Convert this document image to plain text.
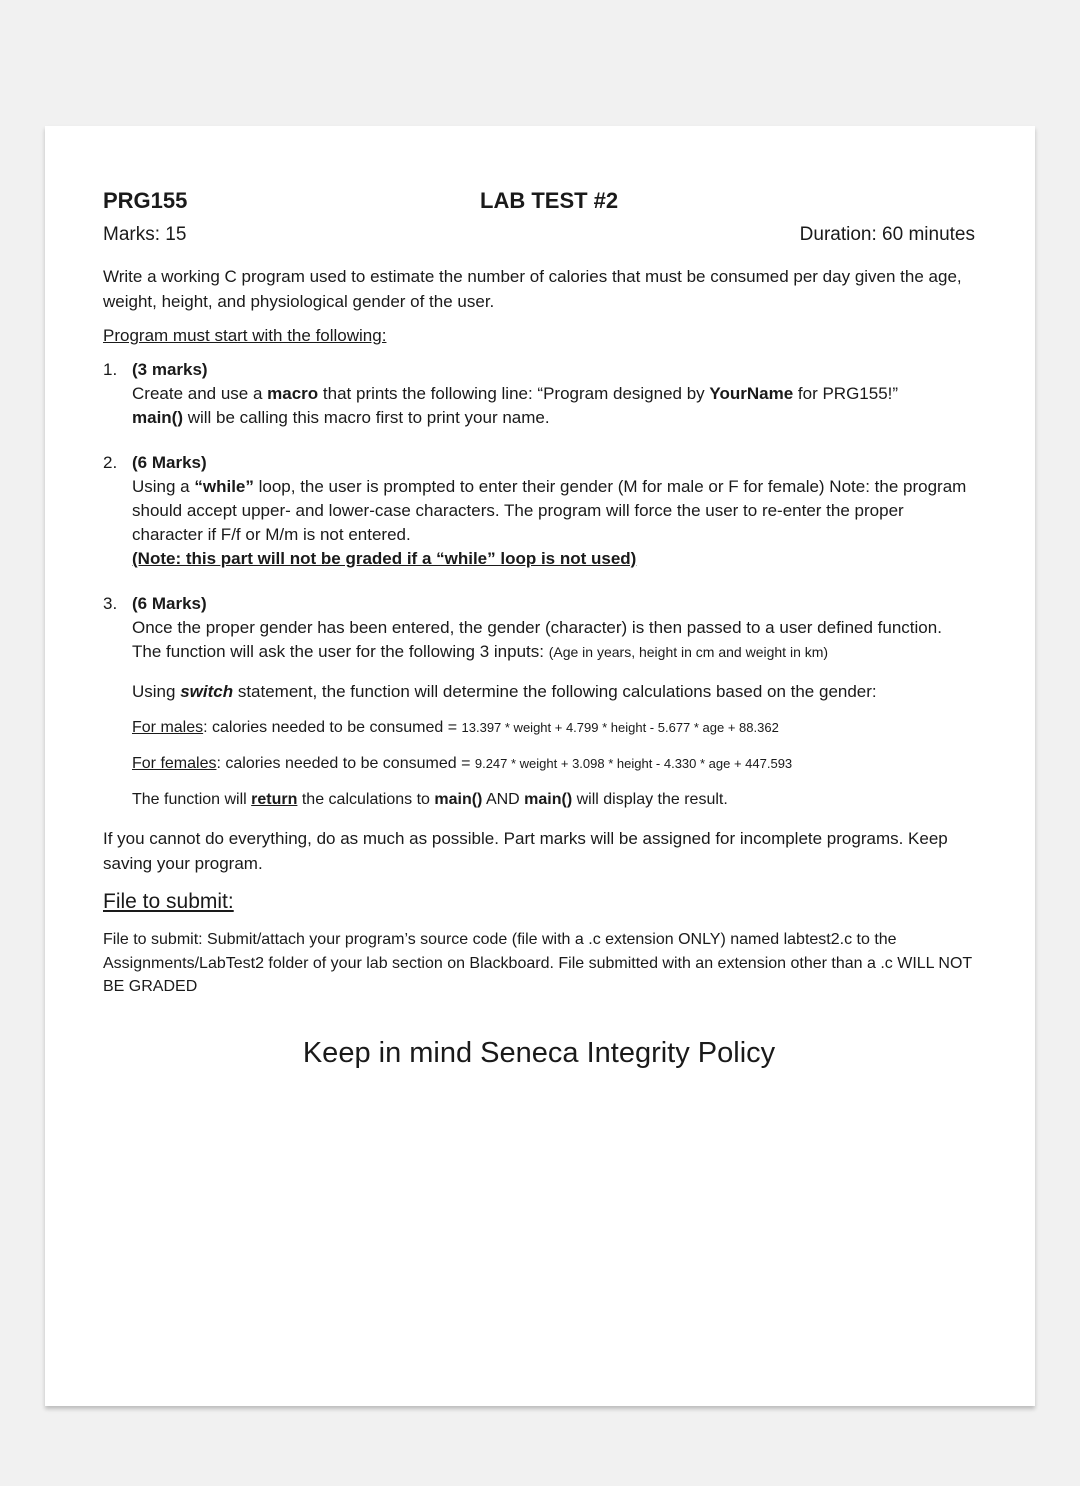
PRG155	LAB TEST #2
Marks: 15	Duration: 60 minutes

Write a working C program used to estimate the number of calories that must be consumed per day given the age, weight, height, and physiological gender of the user.

Program must start with the following:

1. (3 marks)
Create and use a macro that prints the following line: “Program designed by YourName for PRG155!”
main() will be calling this macro first to print your name.
2. (6 Marks)
Using a “while” loop, the user is prompted to enter their gender (M for male or F for female) Note: the program should accept upper- and lower-case characters. The program will force the user to re-enter the proper character if F/f or M/m is not entered.
(Note: this part will not be graded if a “while” loop is not used)
3. (6 Marks)
Once the proper gender has been entered, the gender (character) is then passed to a user defined function. The function will ask the user for the following 3 inputs: (Age in years, height in cm and weight in km)
Using switch statement, the function will determine the following calculations based on the gender:
For males: calories needed to be consumed = 13.397 * weight + 4.799 * height - 5.677 * age + 88.362
For females: calories needed to be consumed = 9.247 * weight + 3.098 * height - 4.330 * age + 447.593
The function will return the calculations to main() AND main() will display the result.

If you cannot do everything, do as much as possible. Part marks will be assigned for incomplete programs. Keep saving your program.

File to submit:

File to submit: Submit/attach your program’s source code (file with a .c extension ONLY) named labtest2.c to the Assignments/LabTest2 folder of your lab section on Blackboard. File submitted with an extension other than a .c WILL NOT BE GRADED

Keep in mind Seneca Integrity Policy
